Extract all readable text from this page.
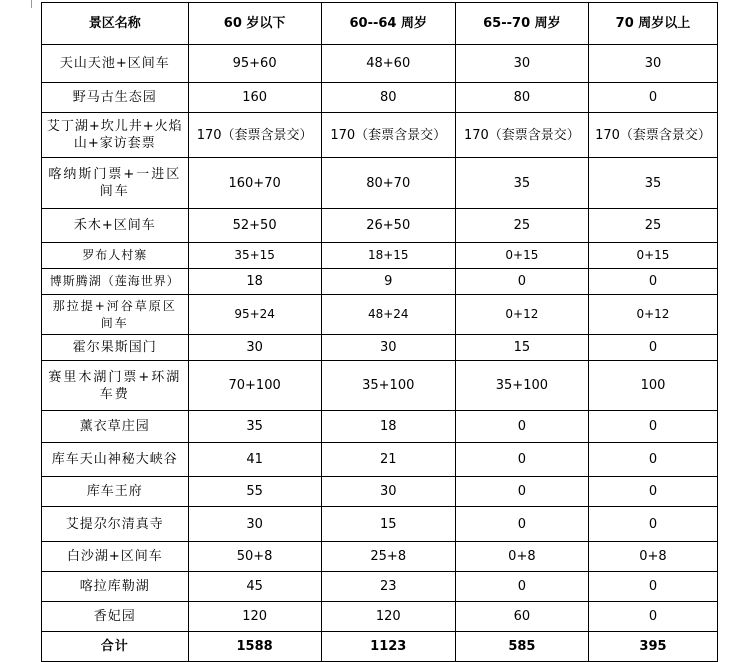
景区名称	60 岁以下	60--64 周岁	65--70 周岁	70 周岁以上
天山天池+区间车	95+60	48+60	30	30
野马古生态园	160	80	80	0
艾丁湖+坎儿井+火焰山+家访套票	170（套票含景交）	170（套票含景交）	170（套票含景交）	170（套票含景交）
喀纳斯门票+一进区间车	160+70	80+70	35	35
禾木+区间车	52+50	26+50	25	25
罗布人村寨	35+15	18+15	0+15	0+15
博斯腾湖（莲海世界）	18	9	0	0
那拉提+河谷草原区间车	95+24	48+24	0+12	0+12
霍尔果斯国门	30	30	15	0
赛里木湖门票+环湖车费	70+100	35+100	35+100	100
薰衣草庄园	35	18	0	0
库车天山神秘大峡谷	41	21	0	0
库车王府	55	30	0	0
艾提尕尔清真寺	30	15	0	0
白沙湖+区间车	50+8	25+8	0+8	0+8
喀拉库勒湖	45	23	0	0
香妃园	120	120	60	0
合计	1588	1123	585	395
